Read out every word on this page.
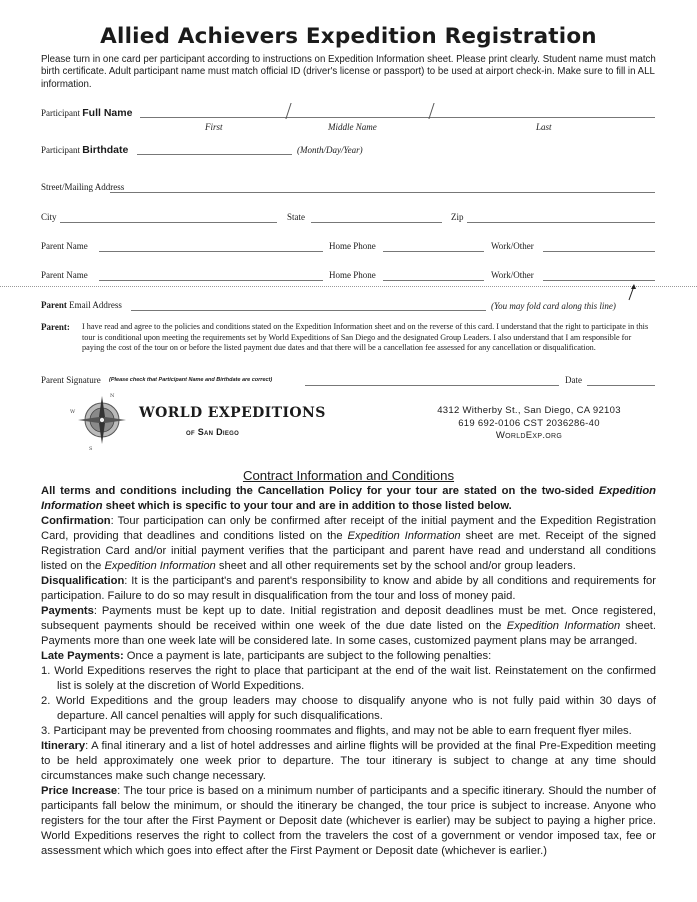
Allied Achievers Expedition Registration
Please turn in one card per participant according to instructions on Expedition Information sheet. Please print clearly. Student name must match birth certificate. Adult participant name must match official ID (driver's license or passport) to be used at airport check-in. Make sure to fill in ALL information.
Participant Full Name
First	Middle Name	Last
Participant Birthdate	(Month/Day/Year)
Street/Mailing Address
City	State	Zip
Parent Name	Home Phone	Work/Other
Parent Name	Home Phone	Work/Other
Parent Email Address	(You may fold card along this line)
Parent: I have read and agree to the policies and conditions stated on the Expedition Information sheet and on the reverse of this card. I understand that the right to participate in this tour is conditional upon meeting the requirements set by World Expeditions of San Diego and the designated Group Leaders. I also understand that I am responsible for paying the cost of the tour on or before the listed payment due dates and that there will be a cancellation fee assessed for any cancellation or disqualification.
Parent Signature (Please check that Participant Name and Birthdate are correct)	Date
N
W
S
WORLD EXPEDITIONS
of San Diego
4312 Witherby St., San Diego, CA 92103
619 692-0106 CST 2036286-40
WorldExp.org
Contract Information and Conditions

All terms and conditions including the Cancellation Policy for your tour are stated on the two-sided Expedition Information sheet which is specific to your tour and are in addition to those listed below.

Confirmation: Tour participation can only be confirmed after receipt of the initial payment and the Expedition Registration Card, providing that deadlines and conditions listed on the Expedition Information sheet are met. Receipt of the signed Registration Card and/or initial payment verifies that the participant and parent have read and understand all conditions listed on the Expedition Information sheet and all other requirements set by the school and/or group leaders.

Disqualification: It is the participant's and parent's responsibility to know and abide by all conditions and requirements for participation. Failure to do so may result in disqualification from the tour and loss of money paid.

Payments: Payments must be kept up to date. Initial registration and deposit deadlines must be met. Once registered, subsequent payments should be received within one week of the due date listed on the Expedition Information sheet. Payments more than one week late will be considered late. In some cases, customized payment plans may be arranged.

Late Payments: Once a payment is late, participants are subject to the following penalties:

1. World Expeditions reserves the right to place that participant at the end of the wait list. Reinstatement on the confirmed list is solely at the discretion of World Expeditions.

2. World Expeditions and the group leaders may choose to disqualify anyone who is not fully paid within 30 days of departure. All cancel penalties will apply for such disqualifications.

3. Participant may be prevented from choosing roommates and flights, and may not be able to earn frequent flyer miles.

Itinerary: A final itinerary and a list of hotel addresses and airline flights will be provided at the final Pre-Expedition meeting to be held approximately one week prior to departure. The tour itinerary is subject to change at any time should circumstances make such change necessary.

Price Increase: The tour price is based on a minimum number of participants and a specific itinerary. Should the number of participants fall below the minimum, or should the itinerary be changed, the tour price is subject to increase. Anyone who registers for the tour after the First Payment or Deposit date (whichever is earlier) may be subject to paying a higher price. World Expeditions reserves the right to collect from the travelers the cost of a government or vendor imposed tax, fee or assessment which which goes into effect after the First Payment or Deposit date (whichever is earlier.)
